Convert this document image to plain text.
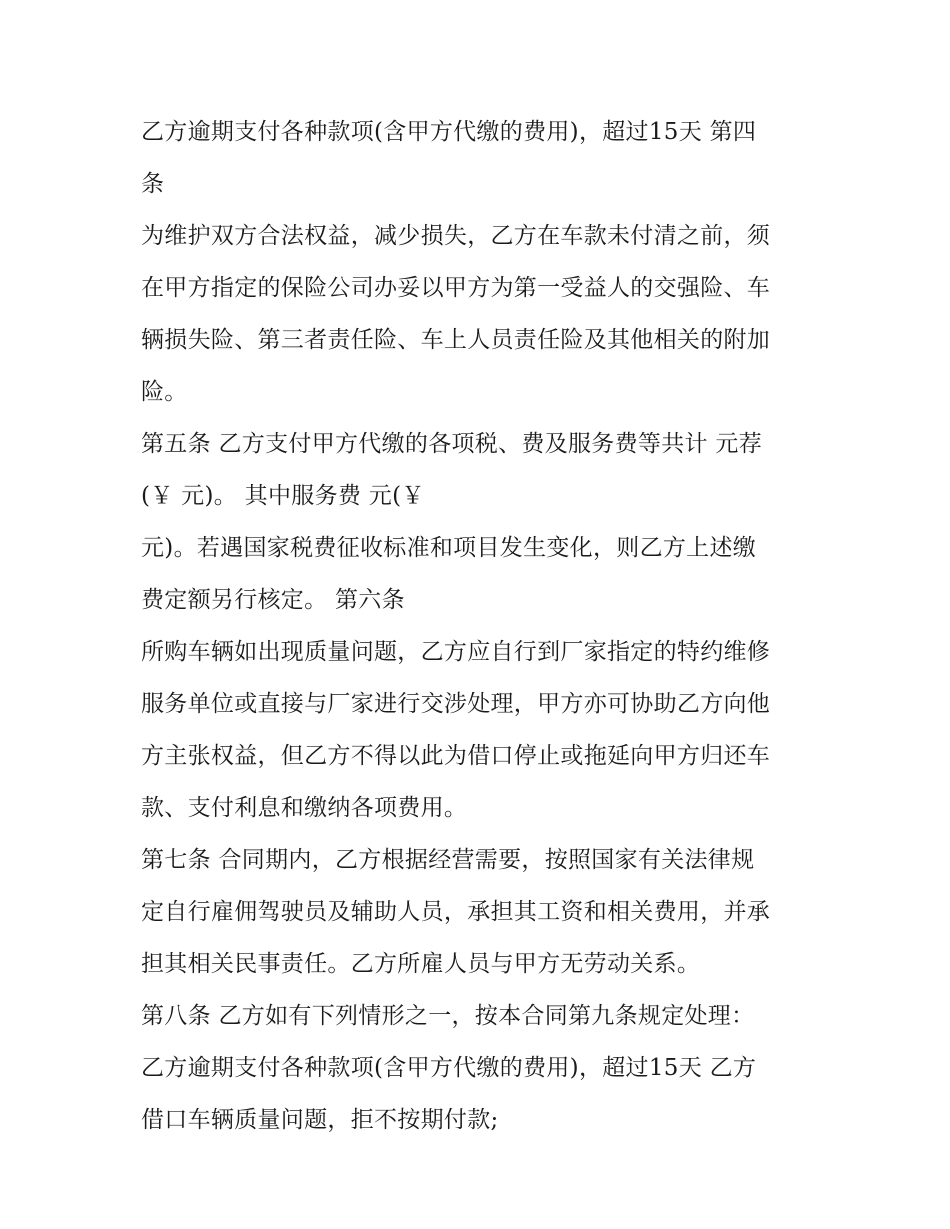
乙方逾期支付各种款项(含甲方代缴的费用)，超过15天 第四
条
为维护双方合法权益，减少损失，乙方在车款未付清之前，须
在甲方指定的保险公司办妥以甲方为第一受益人的交强险、车
辆损失险、第三者责任险、车上人员责任险及其他相关的附加
险。
第五条 乙方支付甲方代缴的各项税、费及服务费等共计 元荐
(￥ 元)。 其中服务费 元(￥
元)。若遇国家税费征收标准和项目发生变化，则乙方上述缴
费定额另行核定。 第六条
所购车辆如出现质量问题，乙方应自行到厂家指定的特约维修
服务单位或直接与厂家进行交涉处理，甲方亦可协助乙方向他
方主张权益，但乙方不得以此为借口停止或拖延向甲方归还车
款、支付利息和缴纳各项费用。
第七条 合同期内，乙方根据经营需要，按照国家有关法律规
定自行雇佣驾驶员及辅助人员，承担其工资和相关费用，并承
担其相关民事责任。乙方所雇人员与甲方无劳动关系。
第八条 乙方如有下列情形之一，按本合同第九条规定处理：
乙方逾期支付各种款项(含甲方代缴的费用)，超过15天 乙方
借口车辆质量问题，拒不按期付款;
